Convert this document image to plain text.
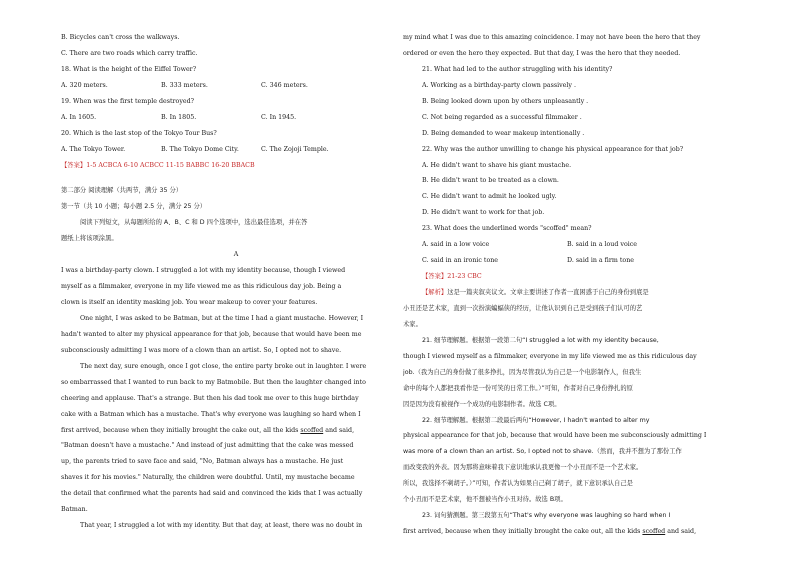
B. Bicycles can't cross the walkways.
C. There are two roads which carry traffic.
18. What is the height of the Eiffel Tower?
A. 320 meters.	B. 333 meters.	C. 346 meters.
19. When was the first temple destroyed?
A. In 1605.	B. In 1805.	C. In 1945.
20. Which is the last stop of the Tokyo Tour Bus?
A. The Tokyo Tower.	B. The Tokyo Dome City.	C. The Zojoji Temple.
【答案】1-5 ACBCA 6-10 ACBCC 11-15 BABBC 16-20 BBACB
第二部分 阅读理解（共两节，满分 35 分）
第一节（共 10 小题；每小题 2.5 分，满分 25 分）
阅读下列短文，从每题所给的 A、B、C 和 D 四个选项中，选出最佳选项，并在答
题纸上将该项涂黑。
A
I was a birthday-party clown. I struggled a lot with my identity because, though I viewed
myself as a filmmaker, everyone in my life viewed me as this ridiculous day job. Being a
clown is itself an identity masking job. You wear makeup to cover your features.
One night, I was asked to be Batman, but at the time I had a giant mustache. However, I
hadn't wanted to alter my physical appearance for that job, because that would have been me
subconsciously admitting I was more of a clown than an artist. So, I opted not to shave.
The next day, sure enough, once I got close, the entire party broke out in laughter. I were
so embarrassed that I wanted to run back to my Batmobile. But then the laughter changed into
cheering and applause. That's a strange. But then his dad took me over to this huge birthday
cake with a Batman which has a mustache. That's why everyone was laughing so hard when I
first arrived, because when they initially brought the cake out, all the kids scoffed and said,
"Batman doesn't have a mustache." And instead of just admitting that the cake was messed
up, the parents tried to save face and said, "No, Batman always has a mustache. He just
shaves it for his movies." Naturally, the children were doubtful. Until, my mustache became
the detail that confirmed what the parents had said and convinced the kids that I was actually
Batman.
That year, I struggled a lot with my identity. But that day, at least, there was no doubt in
my mind what I was due to this amazing coincidence. I may not have been the hero that they
ordered or even the hero they expected. But that day, I was the hero that they needed.
21. What had led to the author struggling with his identity?
A. Working as a birthday-party clown passively .
B. Being looked down upon by others unpleasantly .
C. Not being regarded as a successful filmmaker .
D. Being demanded to wear makeup intentionally .
22. Why was the author unwilling to change his physical appearance for that job?
A. He didn't want to shave his giant mustache.
B. He didn't want to be treated as a clown.
C. He didn't want to admit he looked ugly.
D. He didn't want to work for that job.
23. What does the underlined words "scoffed" mean?
A. said in a low voice	B. said in a loud voice
C. said in an ironic tone	D. said in a firm tone
【答案】21-23 CBC
【解析】这是一篇夹叙夹议文。文章主要讲述了作者一直困惑于自己的身份到底是
小丑还是艺术家，直到一次扮演蝙蝠侠的经历，让他认识到自己是受到孩子们认可的艺
术家。
21. 细节理解题。根据第一段第二句“I struggled a lot with my identity because,
though I viewed myself as a filmmaker, everyone in my life viewed me as this ridiculous day
job.（我为自己的身份做了很多挣扎，因为尽管我认为自己是一个电影制作人，但我生
命中的每个人都把我看作是一份可笑的日常工作。）”可知，作者对自己身份挣扎的原
因是因为没有被视作一个成功的电影制作者。故选 C项。
22. 细节理解题。根据第二段最后两句“However, I hadn't wanted to alter my
physical appearance for that job, because that would have been me subconsciously admitting I
was more of a clown than an artist. So, I opted not to shave.（然而，我并不想为了那份工作
而改变我的外表。因为那将意味着我下意识地承认我更像一个小丑而不是一个艺术家。
所以，我选择不剃胡子。）”可知，作者认为如果自己剃了胡子，就下意识承认自己是
个小丑而不是艺术家，他不想被当作小丑对待。故选 B项。
23. 词句猜测题。第三段第五句“That's why everyone was laughing so hard when I
first arrived, because when they initially brought the cake out, all the kids scoffed and said,
